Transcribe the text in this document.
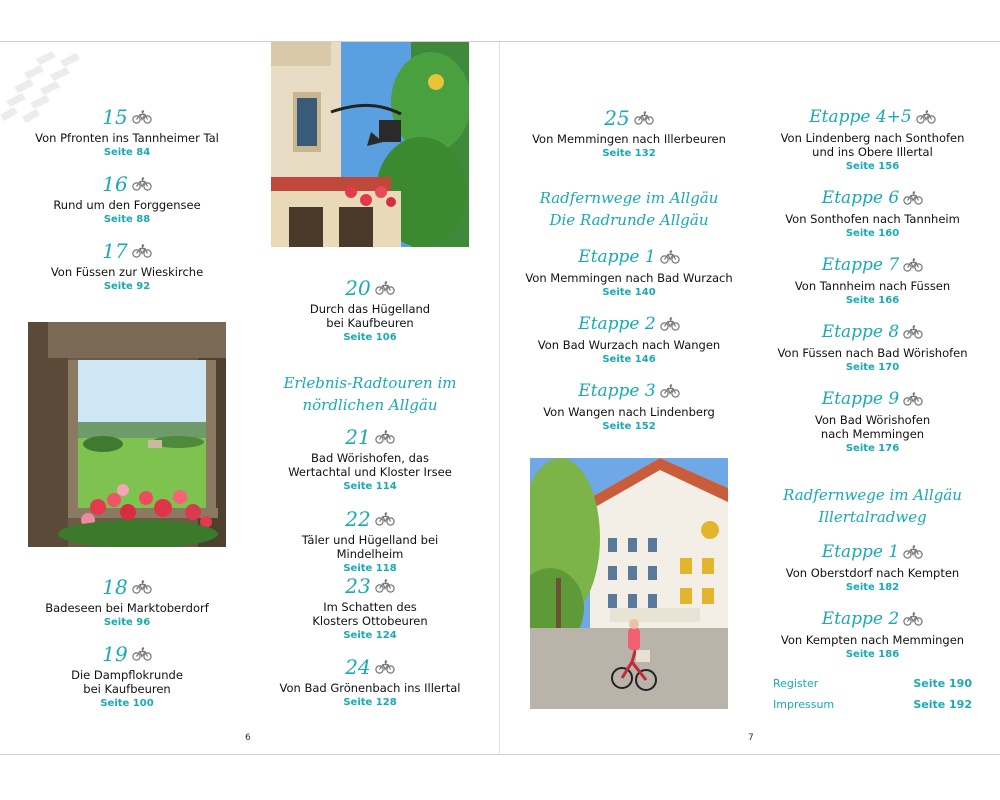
15
Von Pfronten ins Tannheimer Tal
Seite 84
16
Rund um den Forggensee
Seite 88
17
Von Füssen zur Wieskirche
Seite 92
18
Badeseen bei Marktoberdorf
Seite 96
19
Die Dampflokrunde
bei Kaufbeuren
Seite 100
20
Durch das Hügelland
bei Kaufbeuren
Seite 106
Erlebnis-Radtouren im
nördlichen Allgäu
21
Bad Wörishofen, das
Wertachtal und Kloster Irsee
Seite 114
22
Täler und Hügelland bei Mindelheim
Seite 118
23
Im Schatten des
Klosters Ottobeuren
Seite 124
24
Von Bad Grönenbach ins Illertal
Seite 128
6
25
Von Memmingen nach Illerbeuren
Seite 132
Radfernwege im Allgäu
Die Radrunde Allgäu
Etappe 1
Von Memmingen nach Bad Wurzach
Seite 140
Etappe 2
Von Bad Wurzach nach Wangen
Seite 146
Etappe 3
Von Wangen nach Lindenberg
Seite 152
7
Etappe 4+5
Von Lindenberg nach Sonthofen
und ins Obere Illertal
Seite 156
Etappe 6
Von Sonthofen nach Tannheim
Seite 160
Etappe 7
Von Tannheim nach Füssen
Seite 166
Etappe 8
Von Füssen nach Bad Wörishofen
Seite 170
Etappe 9
Von Bad Wörishofen
nach Memmingen
Seite 176
Radfernwege im Allgäu
Illertalradweg
Etappe 1
Von Oberstdorf nach Kempten
Seite 182
Etappe 2
Von Kempten nach Memmingen
Seite 186
Register	Seite 190
Impressum	Seite 192
